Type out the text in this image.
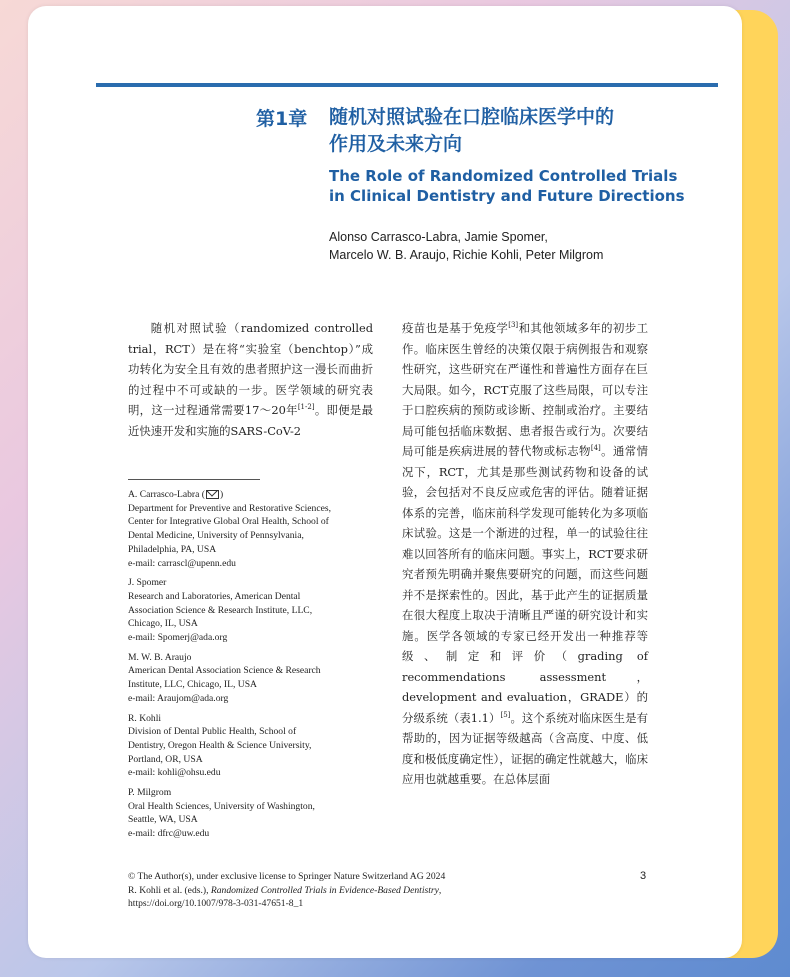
第1章 随机对照试验在口腔临床医学中的
作用及未来方向
The Role of Randomized Controlled Trials
in Clinical Dentistry and Future Directions
Alonso Carrasco-Labra, Jamie Spomer,
Marcelo W. B. Araujo, Richie Kohli, Peter Milgrom

随机对照试验（randomized controlled trial，RCT）是在将“实验室（benchtop）”成功转化为安全且有效的患者照护这一漫长而曲折的过程中不可或缺的一步。医学领域的研究表明，这一过程通常需要17～20年[1-2]。即便是最近快速开发和实施的SARS-CoV-2

疫苗也是基于免疫学[3]和其他领域多年的初步工作。临床医生曾经的决策仅限于病例报告和观察性研究，这些研究在严谨性和普遍性方面存在巨大局限。如今，RCT克服了这些局限，可以专注于口腔疾病的预防或诊断、控制或治疗。主要结局可能包括临床数据、患者报告或行为。次要结局可能是疾病进展的替代物或标志物[4]。通常情况下，RCT，尤其是那些测试药物和设备的试验，会包括对不良反应或危害的评估。随着证据体系的完善，临床前科学发现可能转化为多项临床试验。这是一个渐进的过程，单一的试验往往难以回答所有的临床问题。事实上，RCT要求研究者预先明确并聚焦要研究的问题，而这些问题并不是探索性的。因此，基于此产生的证据质量在很大程度上取决于清晰且严谨的研究设计和实施。医学各领域的专家已经开发出一种推荐等级、制定和评价（grading of recommendations assessment，development and evaluation，GRADE）的分级系统（表1.1）[5]。这个系统对临床医生是有帮助的，因为证据等级越高（含高度、中度、低度和极低度确定性），证据的确定性就越大，临床应用也就越重要。在总体层面

A. Carrasco-Labra ( )
Department for Preventive and Restorative Sciences,
Center for Integrative Global Oral Health, School of
Dental Medicine, University of Pennsylvania,
Philadelphia, PA, USA
e-mail: carrascl@upenn.edu
J. Spomer
Research and Laboratories, American Dental
Association Science & Research Institute, LLC,
Chicago, IL, USA
e-mail: Spomerj@ada.org
M. W. B. Araujo
American Dental Association Science & Research
Institute, LLC, Chicago, IL, USA
e-mail: Araujom@ada.org
R. Kohli
Division of Dental Public Health, School of
Dentistry, Oregon Health & Science University,
Portland, OR, USA
e-mail: kohli@ohsu.edu
P. Milgrom
Oral Health Sciences, University of Washington,
Seattle, WA, USA
e-mail: dfrc@uw.edu
© The Author(s), under exclusive license to Springer Nature Switzerland AG 2024
R. Kohli et al. (eds.), Randomized Controlled Trials in Evidence-Based Dentistry,
https://doi.org/10.1007/978-3-031-47651-8_1
3
